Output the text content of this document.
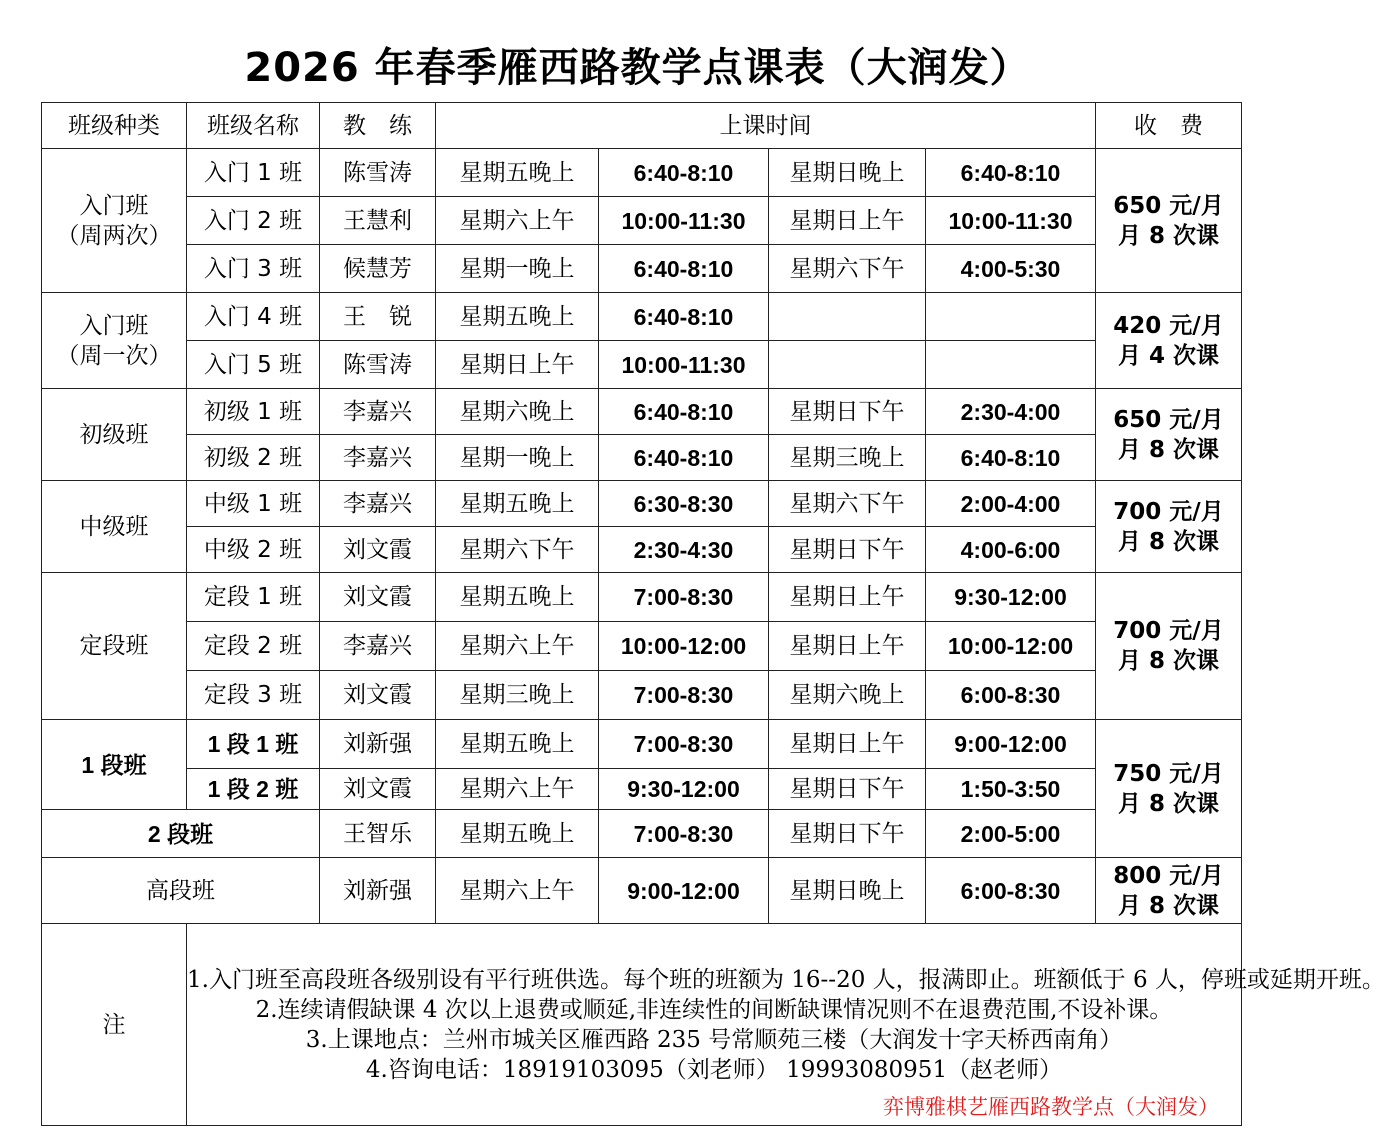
2026 年春季雁西路教学点课表（大润发）
班级种类	班级名称	教　练	上课时间				收　费

入门班
（周两次）	入门 1 班	陈雪涛	星期五晚上	6:40-8:10	星期日晚上	6:40-8:10	650 元/月
月 8 次课

	入门 2 班	王慧利	星期六上午	10:00-11:30	星期日上午	10:00-11:30	
	入门 3 班	候慧芳	星期一晚上	6:40-8:10	星期六下午	4:00-5:30	

入门班
（周一次）	入门 4 班	王　锐	星期五晚上	6:40-8:10			420 元/月
月 4 次课

	入门 5 班	陈雪涛	星期日上午	10:00-11:30			

初级班	初级 1 班	李嘉兴	星期六晚上	6:40-8:10	星期日下午	2:30-4:00	650 元/月
月 8 次课

	初级 2 班	李嘉兴	星期一晚上	6:40-8:10	星期三晚上	6:40-8:10	

中级班	中级 1 班	李嘉兴	星期五晚上	6:30-8:30	星期六下午	2:00-4:00	700 元/月
月 8 次课

	中级 2 班	刘文霞	星期六下午	2:30-4:30	星期日下午	4:00-6:00	

定段班	定段 1 班	刘文霞	星期五晚上	7:00-8:30	星期日上午	9:30-12:00	700 元/月
月 8 次课

	定段 2 班	李嘉兴	星期六上午	10:00-12:00	星期日上午	10:00-12:00	
	定段 3 班	刘文霞	星期三晚上	7:00-8:30	星期六晚上	6:00-8:30	
1 段班	1 段 1 班	刘新强	星期五晚上	7:00-8:30	星期日上午	9:00-12:00	750 元/月
月 8 次课

	1 段 2 班	刘文霞	星期六上午	9:30-12:00	星期日下午	1:50-3:50	
2 段班		王智乐	星期五晚上	7:00-8:30	星期日下午	2:00-5:00	
高段班		刘新强	星期六上午	9:00-12:00	星期日晚上	6:00-8:30	800 元/月
月 8 次课

注	1.入门班至高段班各级别设有平行班供选。每个班的班额为 16--20 人，报满即止。班额低于 6 人，停班或延期开班。

2.连续请假缺课 4 次以上退费或顺延,非连续性的间断缺课情况则不在退费范围,不设补课。

3.上课地点：兰州市城关区雁西路 235 号常顺苑三楼（大润发十字天桥西南角）

4.咨询电话：18919103095（刘老师） 19993080951（赵老师）

弈博雅棋艺雁西路教学点（大润发）						
